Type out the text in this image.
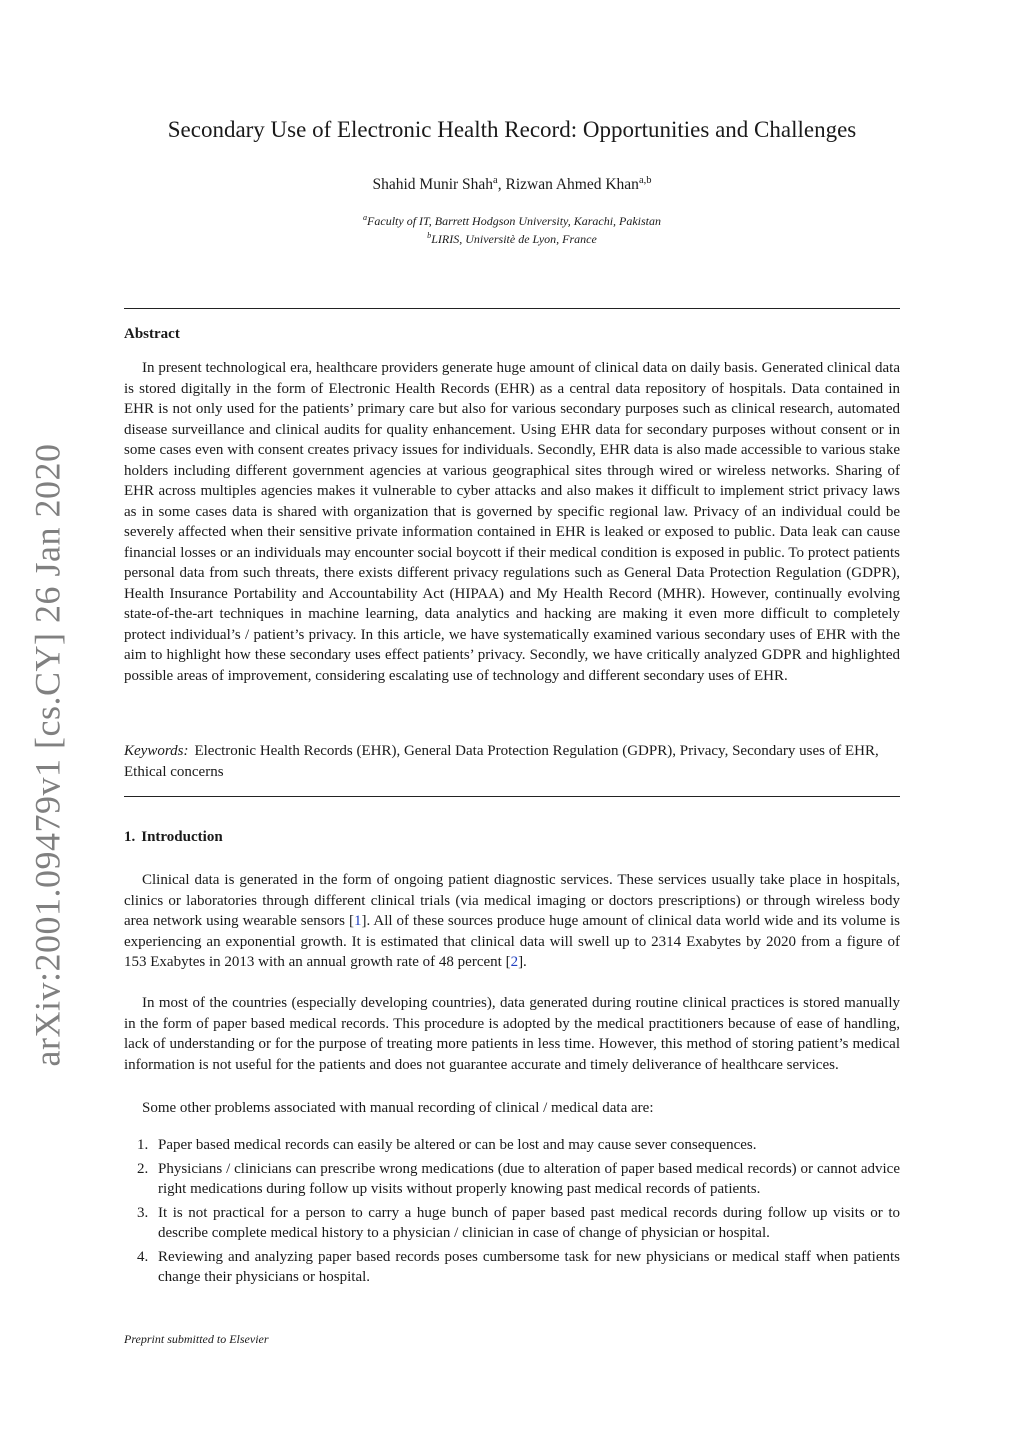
arXiv:2001.09479v1 [cs.CY] 26 Jan 2020
Secondary Use of Electronic Health Record: Opportunities and Challenges
Shahid Munir Shah$^a$, Rizwan Ahmed Khan$^{a,b}$
$^a$Faculty of IT, Barrett Hodgson University, Karachi, Pakistan
$^b$LIRIS, Universitè de Lyon, France
Abstract

In present technological era, healthcare providers generate huge amount of clinical data on daily basis. Generated clinical data is stored digitally in the form of Electronic Health Records (EHR) as a central data repository of hospitals. Data contained in EHR is not only used for the patients’ primary care but also for various secondary purposes such as clinical research, automated disease surveillance and clinical audits for quality enhancement. Using EHR data for secondary purposes without consent or in some cases even with consent creates privacy issues for individuals. Secondly, EHR data is also made accessible to various stake holders including different government agencies at various geographical sites through wired or wireless networks. Sharing of EHR across multiples agencies makes it vulnerable to cyber attacks and also makes it difficult to implement strict privacy laws as in some cases data is shared with organization that is governed by specific regional law. Privacy of an individual could be severely affected when their sensitive private information contained in EHR is leaked or exposed to public. Data leak can cause financial losses or an individuals may encounter social boycott if their medical condition is exposed in public. To protect patients personal data from such threats, there exists different privacy regulations such as General Data Protection Regulation (GDPR), Health Insurance Portability and Accountability Act (HIPAA) and My Health Record (MHR). However, continually evolving state-of-the-art techniques in machine learning, data analytics and hacking are making it even more difficult to completely protect individual’s / patient’s privacy. In this article, we have systematically examined various secondary uses of EHR with the aim to highlight how these secondary uses effect patients’ privacy. Secondly, we have critically analyzed GDPR and highlighted possible areas of improvement, considering escalating use of technology and different secondary uses of EHR.

Keywords: Electronic Health Records (EHR), General Data Protection Regulation (GDPR), Privacy, Secondary uses of EHR, Ethical concerns

1. Introduction

Clinical data is generated in the form of ongoing patient diagnostic services. These services usually take place in hospitals, clinics or laboratories through different clinical trials (via medical imaging or doctors prescriptions) or through wireless body area network using wearable sensors [1]. All of these sources produce huge amount of clinical data world wide and its volume is experiencing an exponential growth. It is estimated that clinical data will swell up to 2314 Exabytes by 2020 from a figure of 153 Exabytes in 2013 with an annual growth rate of 48 percent [2].

In most of the countries (especially developing countries), data generated during routine clinical practices is stored manually in the form of paper based medical records. This procedure is adopted by the medical practitioners because of ease of handling, lack of understanding or for the purpose of treating more patients in less time. However, this method of storing patient’s medical information is not useful for the patients and does not guarantee accurate and timely deliverance of healthcare services.

Some other problems associated with manual recording of clinical / medical data are:

1. Paper based medical records can easily be altered or can be lost and may cause sever consequences.
2. Physicians / clinicians can prescribe wrong medications (due to alteration of paper based medical records) or cannot advice right medications during follow up visits without properly knowing past medical records of patients.
3. It is not practical for a person to carry a huge bunch of paper based past medical records during follow up visits or to describe complete medical history to a physician / clinician in case of change of physician or hospital.
4. Reviewing and analyzing paper based records poses cumbersome task for new physicians or medical staff when patients change their physicians or hospital.
Preprint submitted to Elsevier
